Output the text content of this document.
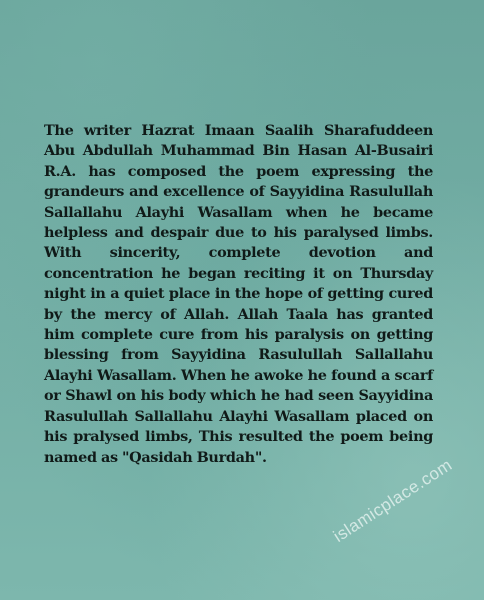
The writer Hazrat Imaan Saalih Sharafuddeen Abu Abdullah Muhammad Bin Hasan Al-Busairi R.A. has composed the poem expressing the grandeurs and excellence of Sayyidina Rasulullah Sallallahu Alayhi Wasallam when he became helpless and despair due to his paralysed limbs. With sincerity, complete devotion and concentration he began reciting it on Thursday night in a quiet place in the hope of getting cured by the mercy of Allah. Allah Taala has granted him complete cure from his paralysis on getting blessing from Sayyidina Rasulullah Sallallahu Alayhi Wasallam. When he awoke he found a scarf or Shawl on his body which he had seen Sayyidina Rasulullah Sallallahu Alayhi Wasallam placed on his pralysed limbs, This resulted the poem being named as "Qasidah Burdah".	islamicplace.com
